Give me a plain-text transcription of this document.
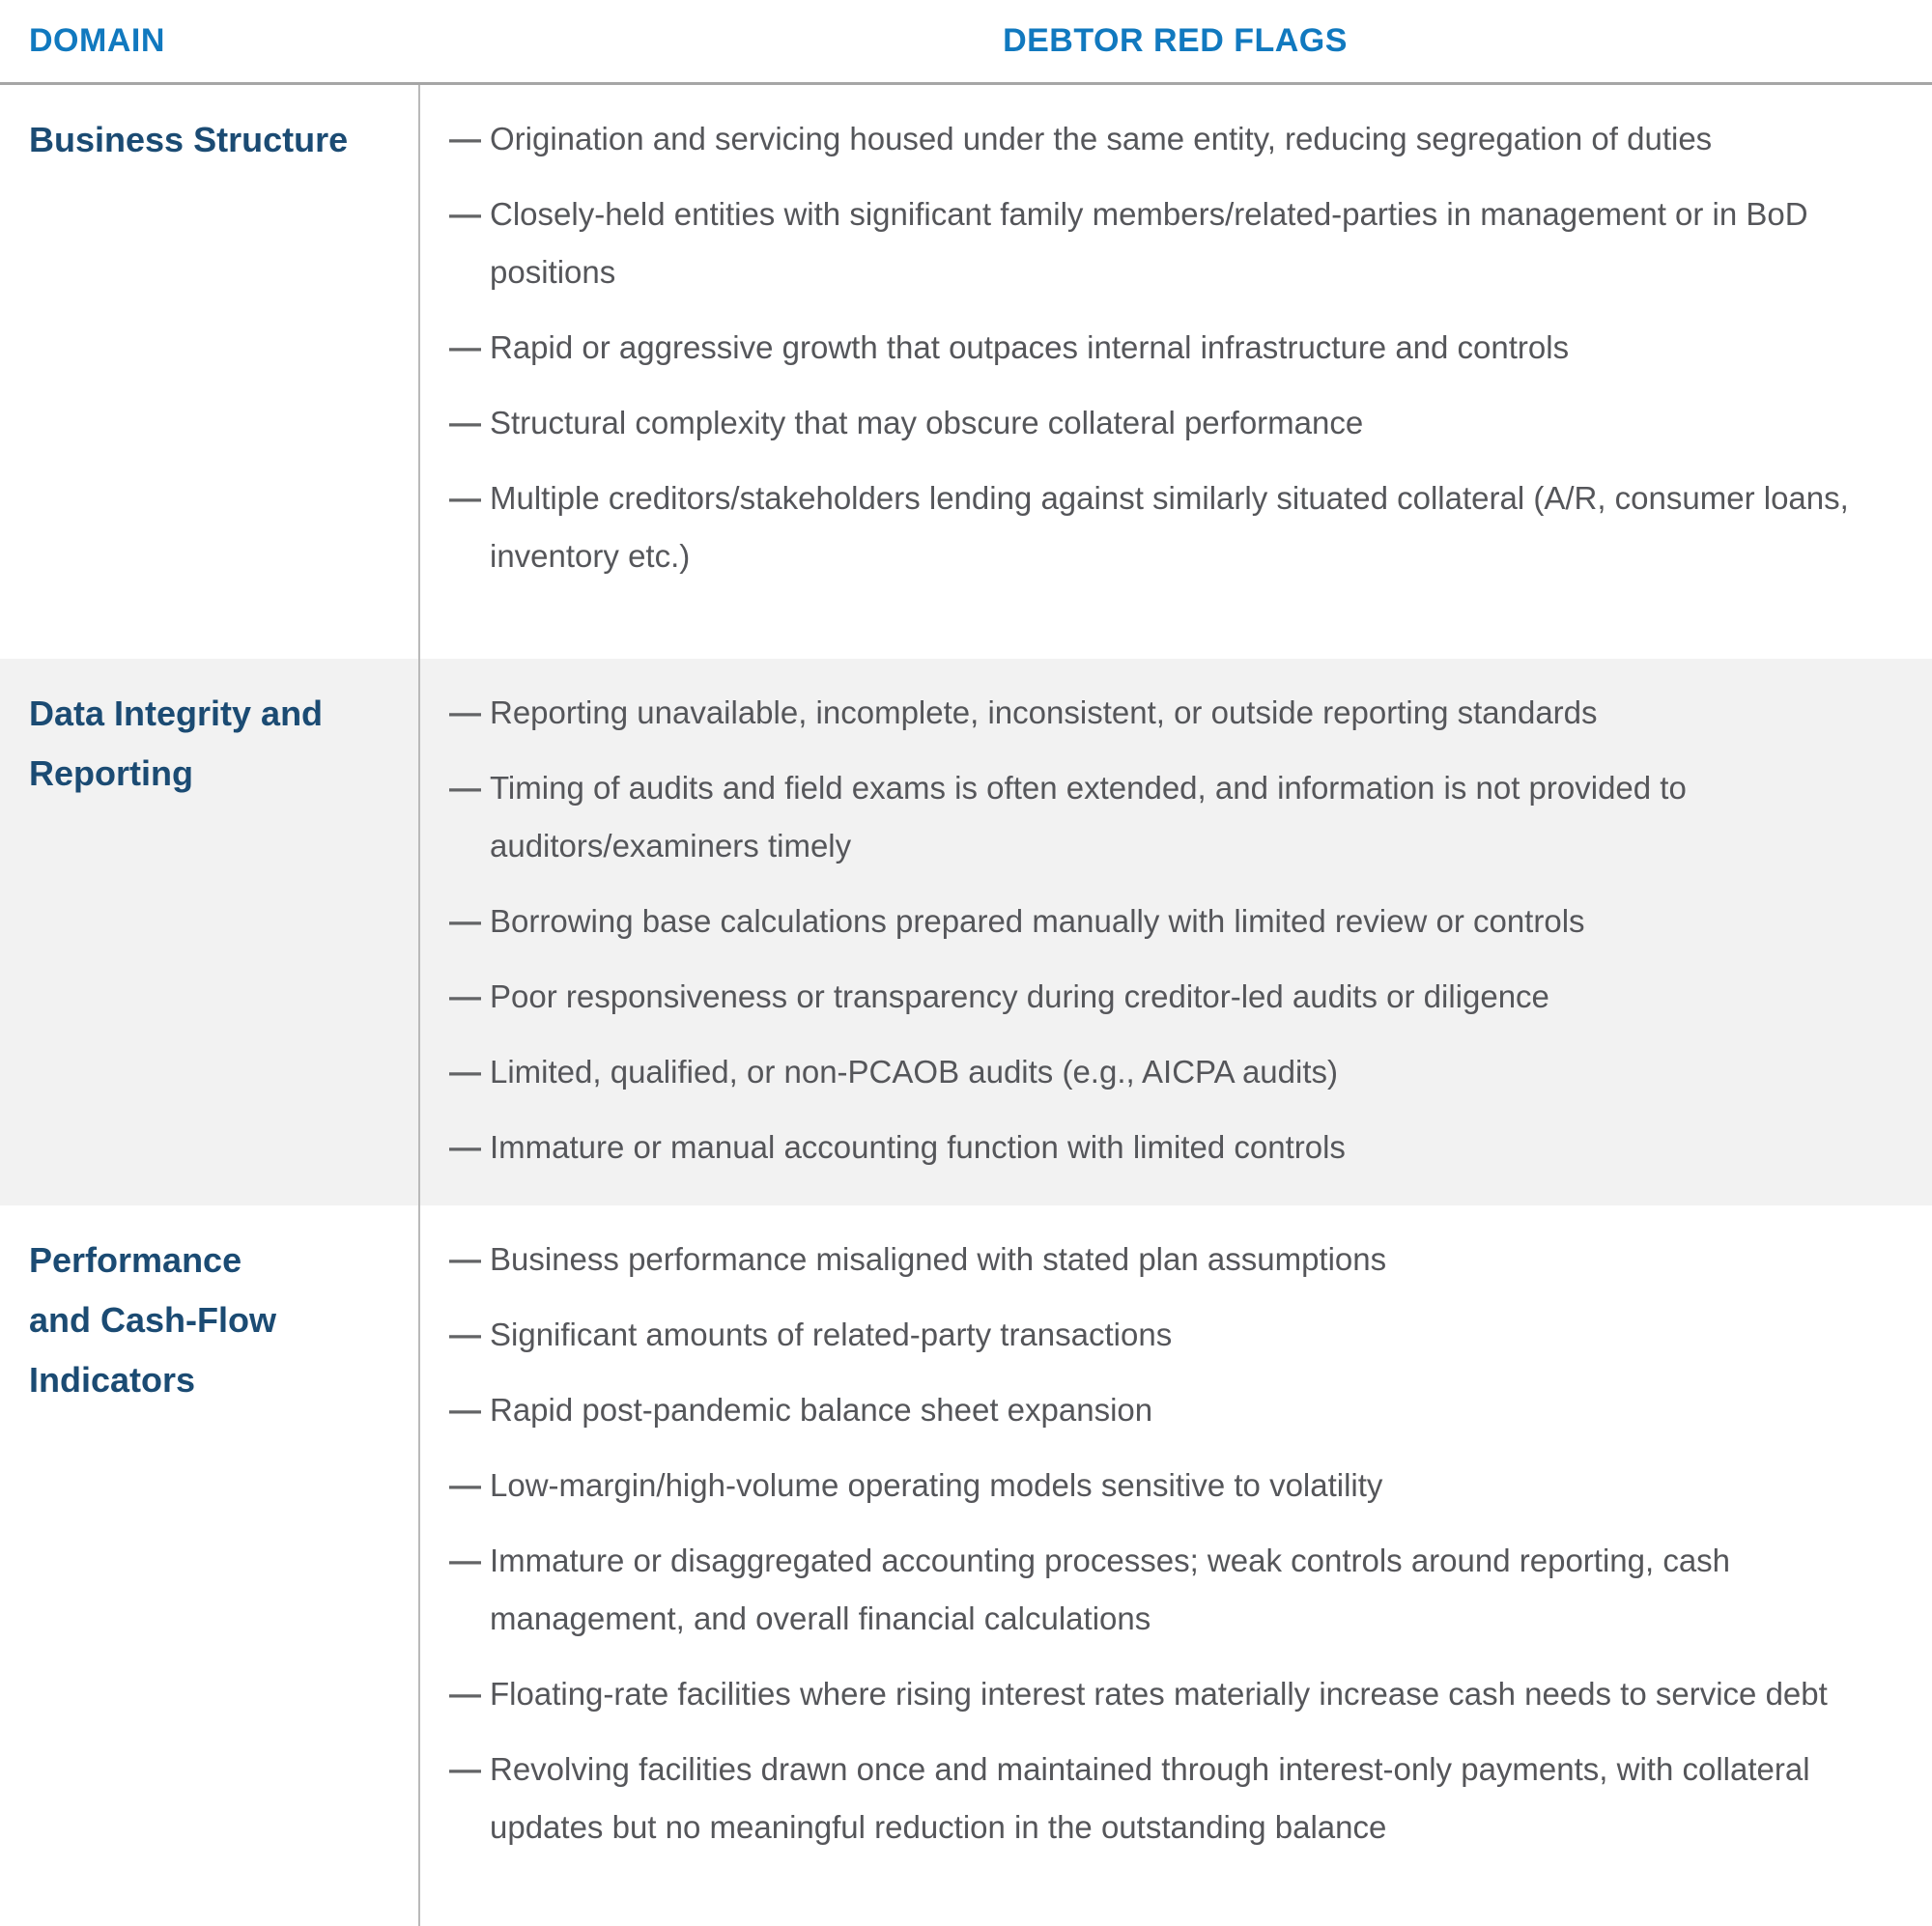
DOMAIN	DEBTOR RED FLAGS
Business Structure	— Origination and servicing housed under the same entity, reducing segregation of duties
— Closely-held entities with significant family members/related-parties in management or in BoD positions
— Rapid or aggressive growth that outpaces internal infrastructure and controls
— Structural complexity that may obscure collateral performance
— Multiple creditors/stakeholders lending against similarly situated collateral (A/R, consumer loans, inventory etc.)
Data Integrity and
Reporting
— Reporting unavailable, incomplete, inconsistent, or outside reporting standards
— Timing of audits and field exams is often extended, and information is not provided to auditors/examiners timely
— Borrowing base calculations prepared manually with limited review or controls
— Poor responsiveness or transparency during creditor-led audits or diligence
— Limited, qualified, or non-PCAOB audits (e.g., AICPA audits)
— Immature or manual accounting function with limited controls
Performance
and Cash-Flow
Indicators
— Business performance misaligned with stated plan assumptions
— Significant amounts of related-party transactions
— Rapid post-pandemic balance sheet expansion
— Low-margin/high-volume operating models sensitive to volatility
— Immature or disaggregated accounting processes; weak controls around reporting, cash management, and overall financial calculations
— Floating-rate facilities where rising interest rates materially increase cash needs to service debt
— Revolving facilities drawn once and maintained through interest-only payments, with collateral updates but no meaningful reduction in the outstanding balance
